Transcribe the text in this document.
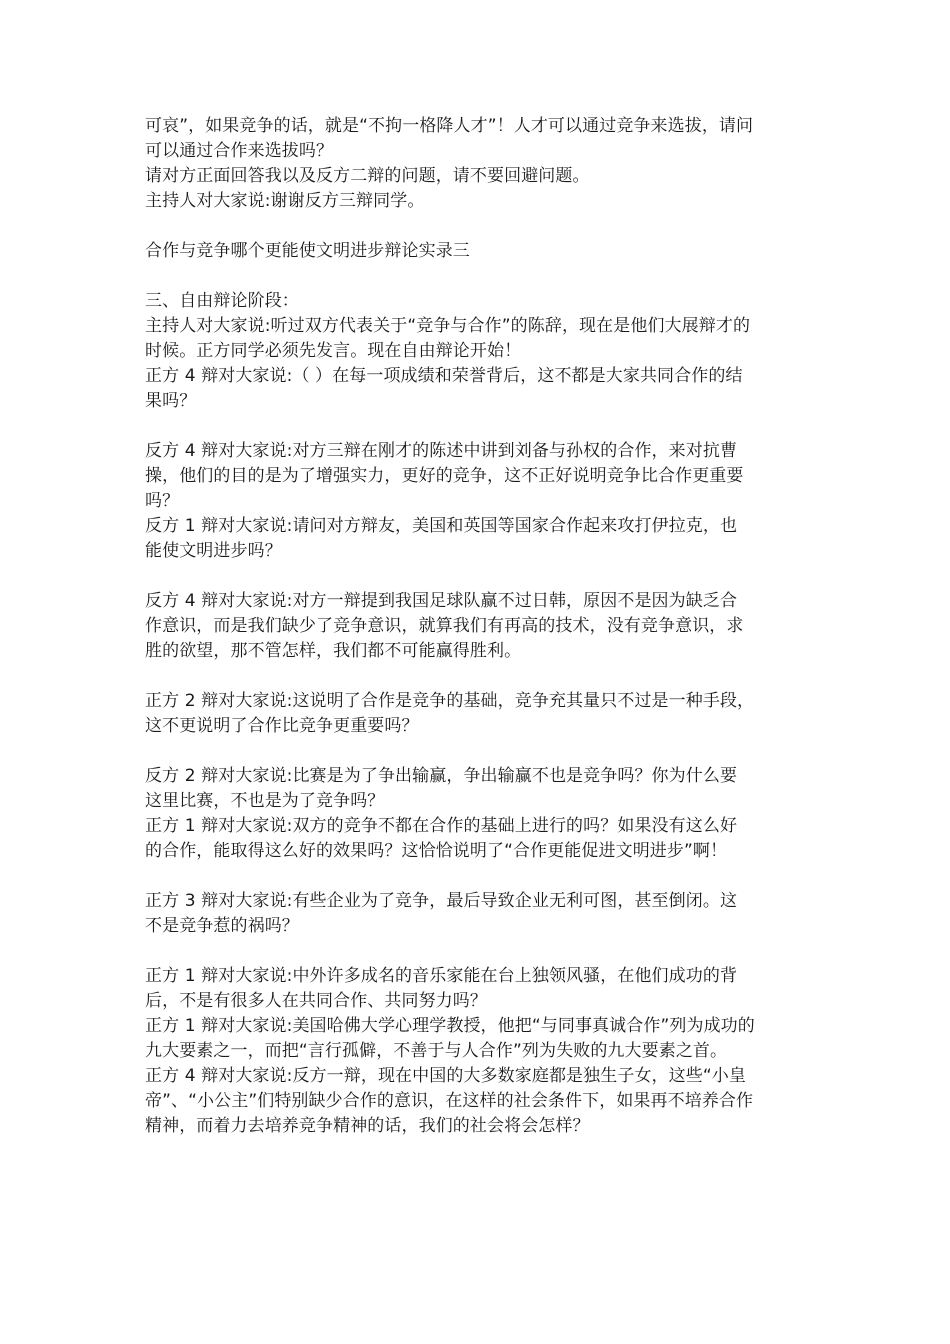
可哀”，如果竞争的话，就是“不拘一格降人才”！人才可以通过竞争来选拔，请问
可以通过合作来选拔吗？
请对方正面回答我以及反方二辩的问题，请不要回避问题。
主持人对大家说:谢谢反方三辩同学。
合作与竞争哪个更能使文明进步辩论实录三
三、自由辩论阶段：
主持人对大家说:听过双方代表关于“竞争与合作”的陈辞，现在是他们大展辩才的
时候。正方同学必须先发言。现在自由辩论开始！
正方 4 辩对大家说:（ ）在每一项成绩和荣誉背后，这不都是大家共同合作的结
果吗？
反方 4 辩对大家说:对方三辩在刚才的陈述中讲到刘备与孙权的合作，来对抗曹
操，他们的目的是为了增强实力，更好的竞争，这不正好说明竞争比合作更重要
吗？
反方 1 辩对大家说:请问对方辩友，美国和英国等国家合作起来攻打伊拉克，也
能使文明进步吗？
反方 4 辩对大家说:对方一辩提到我国足球队赢不过日韩，原因不是因为缺乏合
作意识，而是我们缺少了竞争意识，就算我们有再高的技术，没有竞争意识，求
胜的欲望，那不管怎样，我们都不可能赢得胜利。
正方 2 辩对大家说:这说明了合作是竞争的基础，竞争充其量只不过是一种手段，
这不更说明了合作比竞争更重要吗？
反方 2 辩对大家说:比赛是为了争出输赢，争出输赢不也是竞争吗？你为什么要
这里比赛，不也是为了竞争吗？
正方 1 辩对大家说:双方的竞争不都在合作的基础上进行的吗？如果没有这么好
的合作，能取得这么好的效果吗？这恰恰说明了“合作更能促进文明进步”啊！
正方 3 辩对大家说:有些企业为了竞争，最后导致企业无利可图，甚至倒闭。这
不是竞争惹的祸吗？
正方 1 辩对大家说:中外许多成名的音乐家能在台上独领风骚，在他们成功的背
后，不是有很多人在共同合作、共同努力吗？
正方 1 辩对大家说:美国哈佛大学心理学教授，他把“与同事真诚合作”列为成功的
九大要素之一，而把“言行孤僻，不善于与人合作”列为失败的九大要素之首。
正方 4 辩对大家说:反方一辩，现在中国的大多数家庭都是独生子女，这些“小皇
帝”、“小公主”们特别缺少合作的意识，在这样的社会条件下，如果再不培养合作
精神，而着力去培养竞争精神的话，我们的社会将会怎样？
